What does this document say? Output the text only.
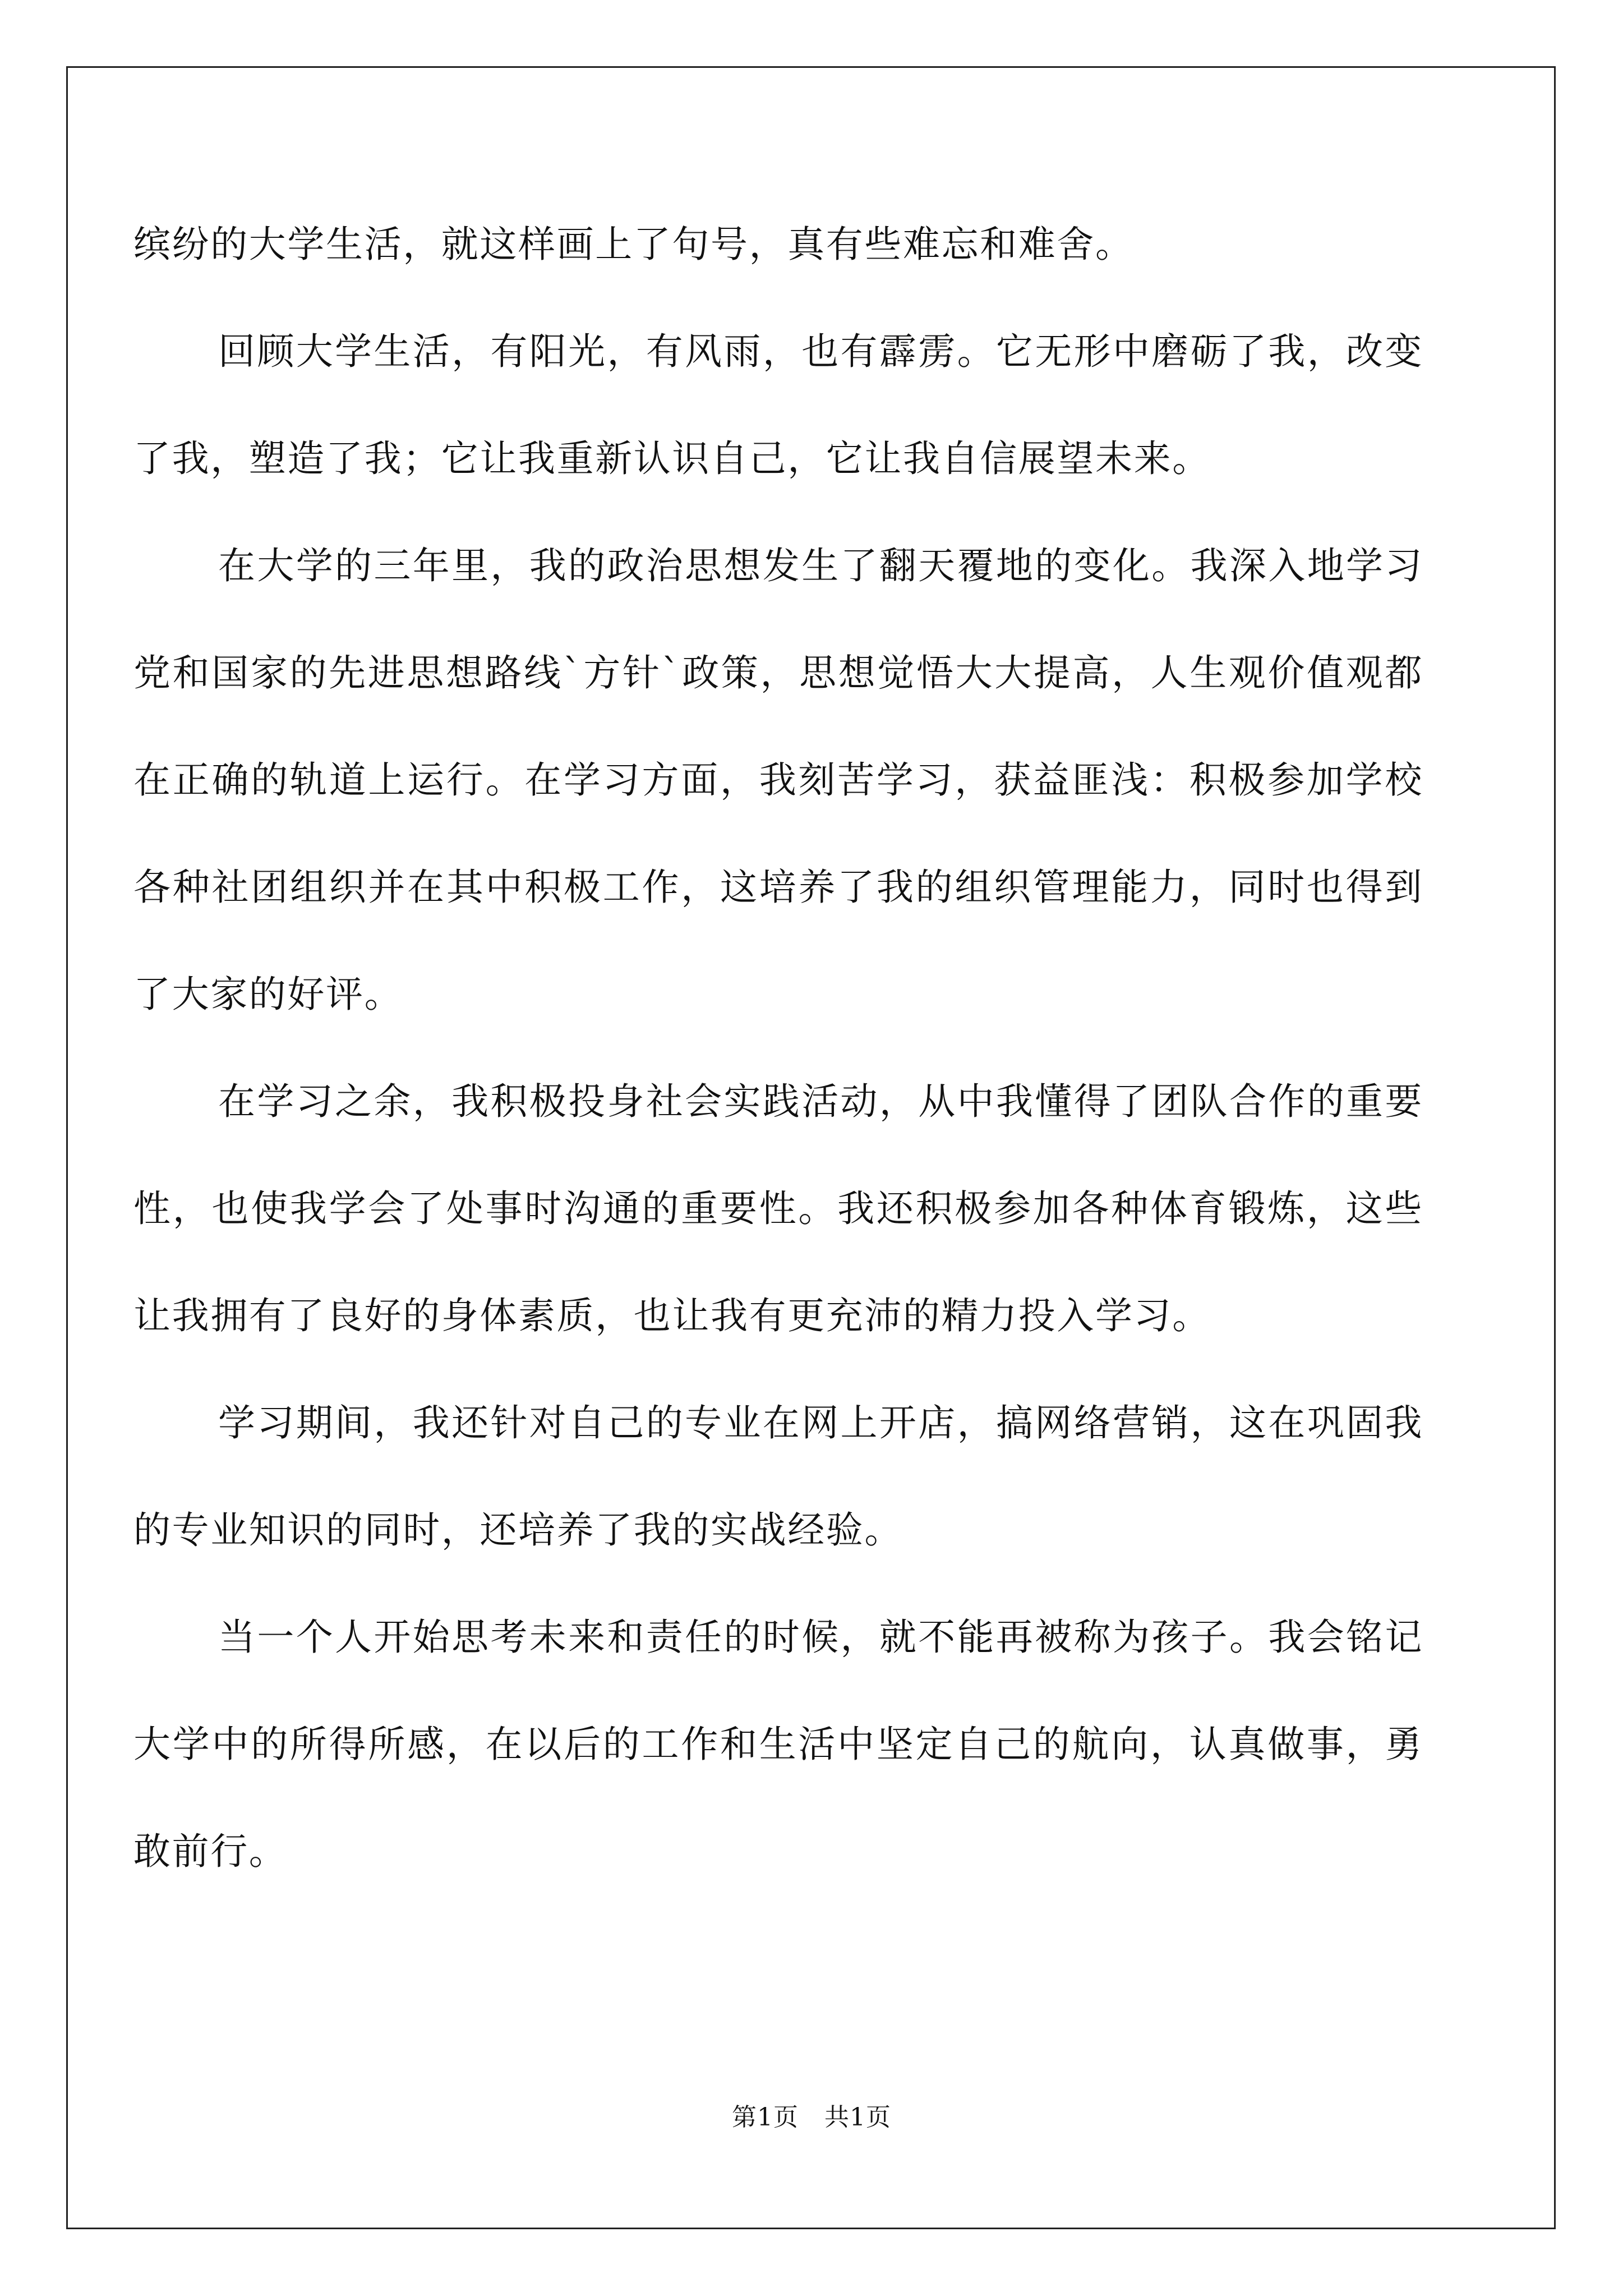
缤纷的大学生活，就这样画上了句号，真有些难忘和难舍。

回顾大学生活，有阳光，有风雨，也有霹雳。它无形中磨砺了我，改变了我，塑造了我；它让我重新认识自己，它让我自信展望未来。

在大学的三年里，我的政治思想发生了翻天覆地的变化。我深入地学习党和国家的先进思想路线`方针`政策，思想觉悟大大提高，人生观价值观都在正确的轨道上运行。在学习方面，我刻苦学习，获益匪浅：积极参加学校各种社团组织并在其中积极工作，这培养了我的组织管理能力，同时也得到了大家的好评。

在学习之余，我积极投身社会实践活动，从中我懂得了团队合作的重要性，也使我学会了处事时沟通的重要性。我还积极参加各种体育锻炼，这些让我拥有了良好的身体素质，也让我有更充沛的精力投入学习。

学习期间，我还针对自己的专业在网上开店，搞网络营销，这在巩固我的专业知识的同时，还培养了我的实战经验。

当一个人开始思考未来和责任的时候，就不能再被称为孩子。我会铭记大学中的所得所感，在以后的工作和生活中坚定自己的航向，认真做事，勇敢前行。

第1页 共1页
